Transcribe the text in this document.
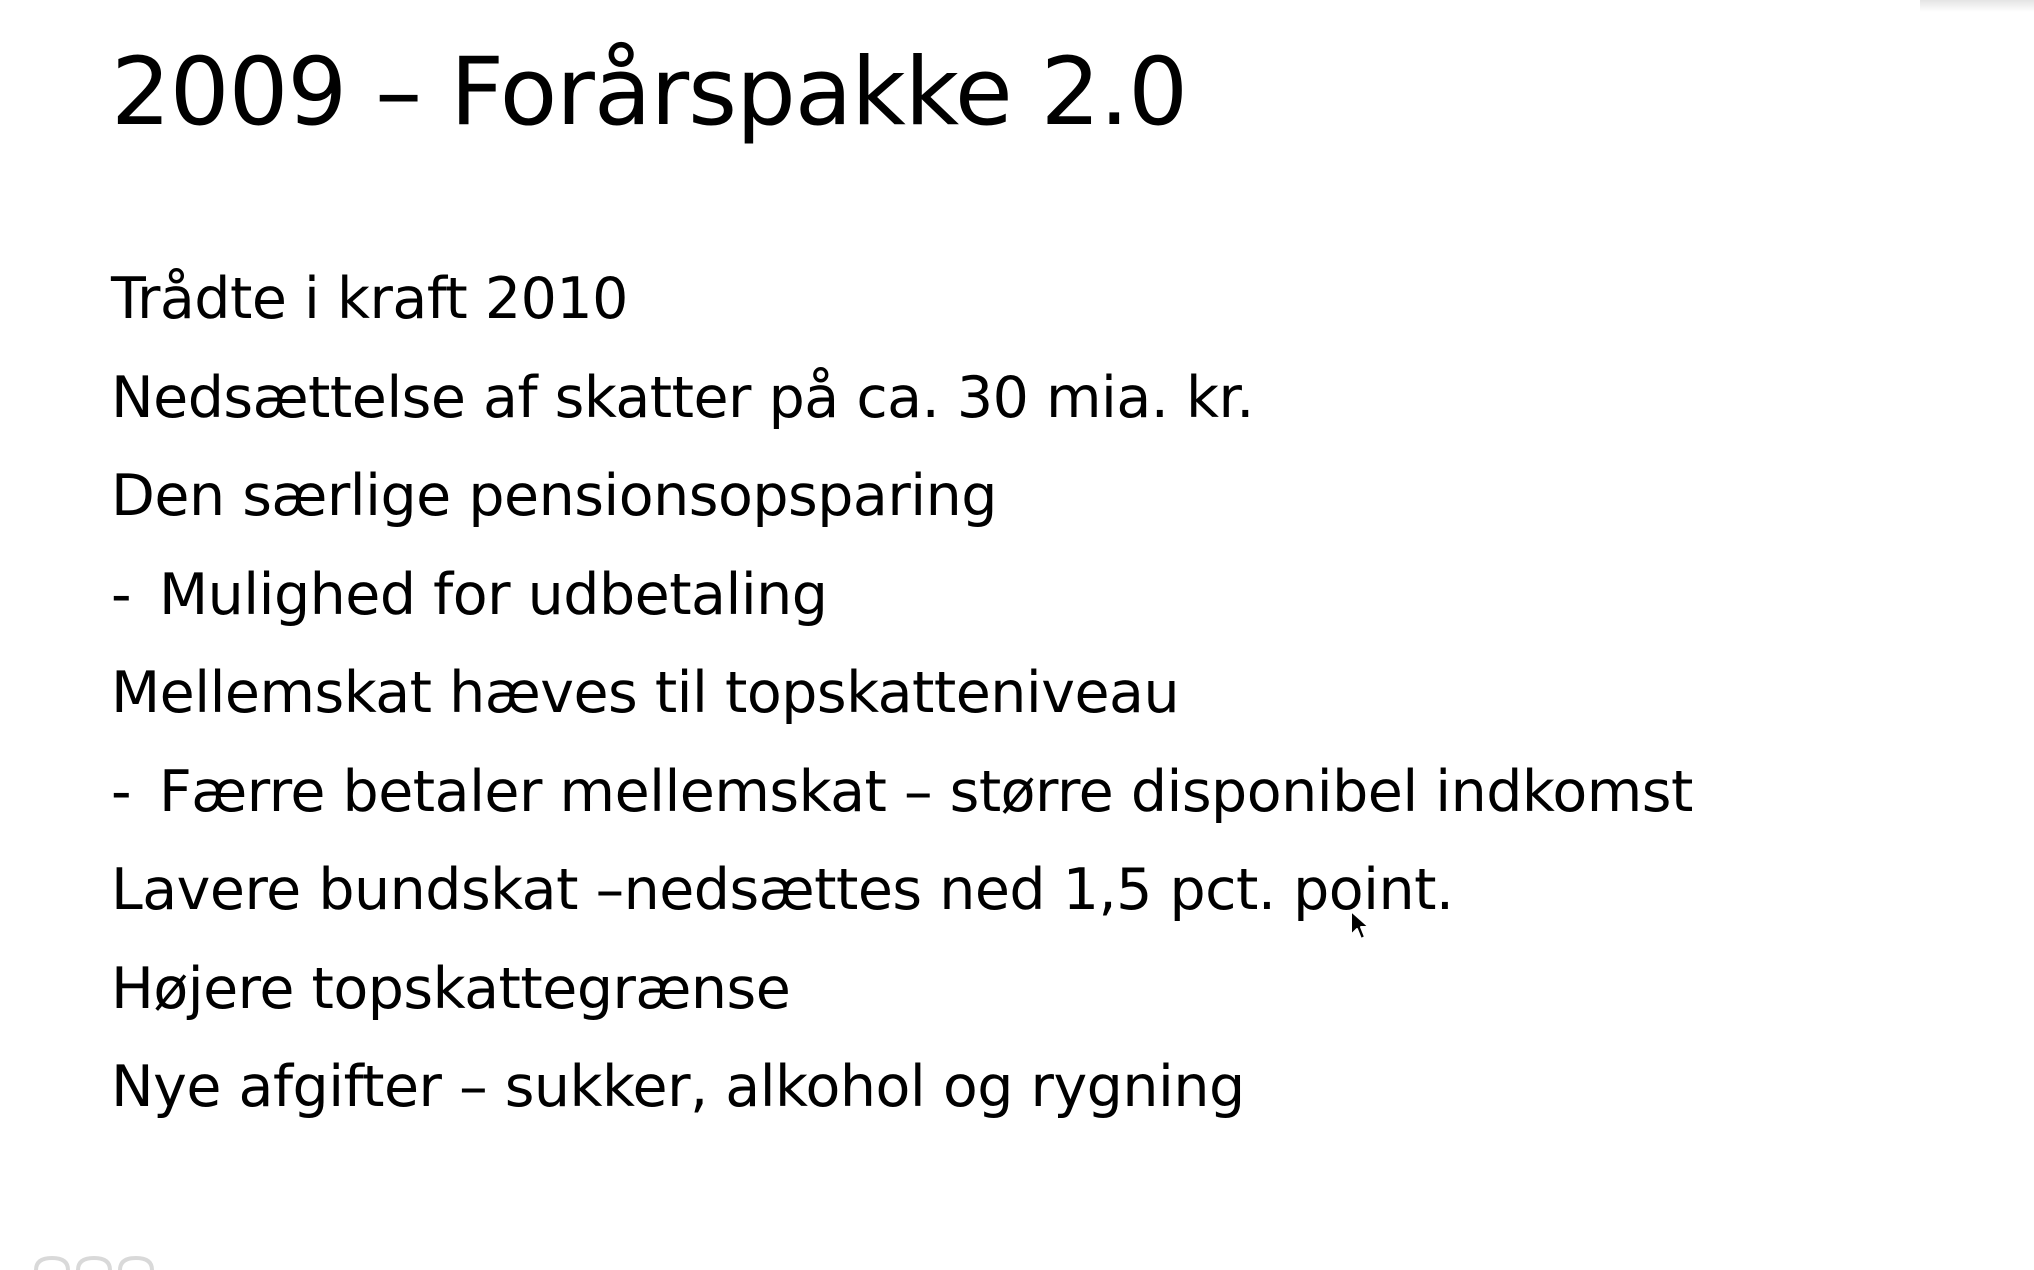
2009 – Forårspakke 2.0
Trådte i kraft 2010
Nedsættelse af skatter på ca. 30 mia. kr.
Den særlige pensionsopsparing
- Mulighed for udbetaling
Mellemskat hæves til topskatteniveau
- Færre betaler mellemskat – større disponibel indkomst
Lavere bundskat –nedsættes ned 1,5 pct. point.
Højere topskattegrænse
Nye afgifter – sukker, alkohol og rygning
